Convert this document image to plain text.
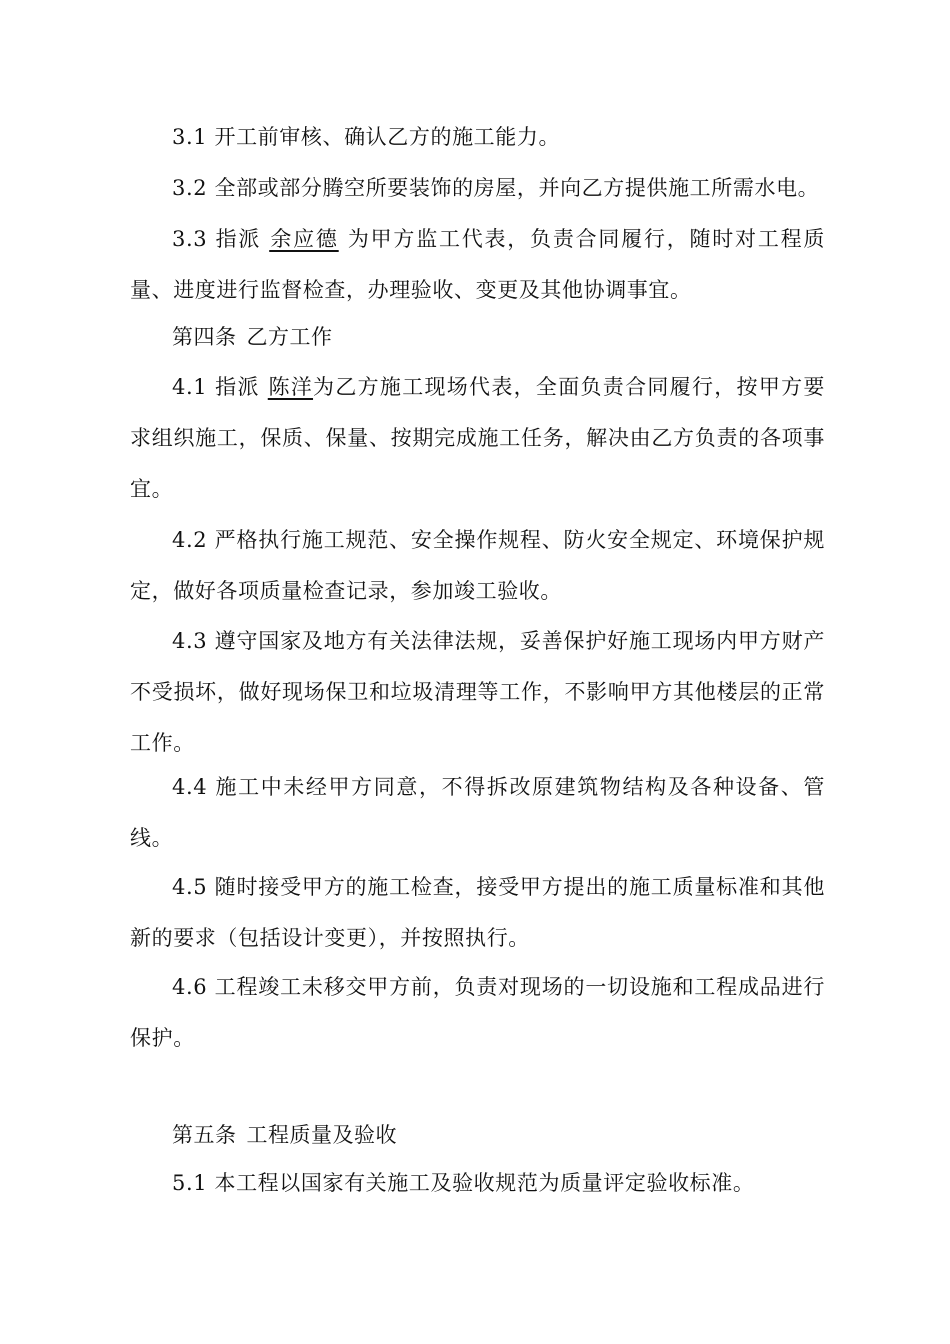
3.1 开工前审核、确认乙方的施工能力。

3.2 全部或部分腾空所要装饰的房屋，并向乙方提供施工所需水电。

3.3 指派 余应德 为甲方监工代表，负责合同履行，随时对工程质量、进度进行监督检查，办理验收、变更及其他协调事宜。

第四条 乙方工作

4.1 指派 陈洋为乙方施工现场代表，全面负责合同履行，按甲方要求组织施工，保质、保量、按期完成施工任务，解决由乙方负责的各项事宜。

4.2 严格执行施工规范、安全操作规程、防火安全规定、环境保护规定，做好各项质量检查记录，参加竣工验收。

4.3 遵守国家及地方有关法律法规，妥善保护好施工现场内甲方财产不受损坏，做好现场保卫和垃圾清理等工作，不影响甲方其他楼层的正常工作。

4.4 施工中未经甲方同意，不得拆改原建筑物结构及各种设备、管线。

4.5 随时接受甲方的施工检查，接受甲方提出的施工质量标准和其他新的要求（包括设计变更），并按照执行。

4.6 工程竣工未移交甲方前，负责对现场的一切设施和工程成品进行保护。

第五条 工程质量及验收

5.1 本工程以国家有关施工及验收规范为质量评定验收标准。
